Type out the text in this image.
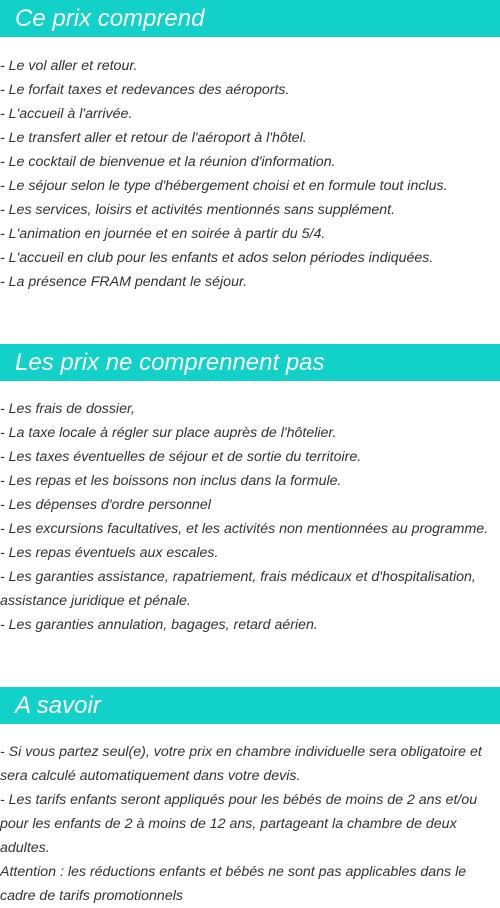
Ce prix comprend
- Le vol aller et retour.
- Le forfait taxes et redevances des aéroports.
- L'accueil à l'arrivée.
- Le transfert aller et retour de l'aéroport à l'hôtel.
- Le cocktail de bienvenue et la réunion d'information.
- Le séjour selon le type d'hébergement choisi et en formule tout inclus.
- Les services, loisirs et activités mentionnés sans supplément.
- L'animation en journée et en soirée à partir du 5/4.
- L'accueil en club pour les enfants et ados selon périodes indiquées.
- La présence FRAM pendant le séjour.
Les prix ne comprennent pas
- Les frais de dossier,
- La taxe locale à régler sur place auprès de l'hôtelier.
- Les taxes éventuelles de séjour et de sortie du territoire.
- Les repas et les boissons non inclus dans la formule.
- Les dépenses d'ordre personnel
- Les excursions facultatives, et les activités non mentionnées au programme.
- Les repas éventuels aux escales.
- Les garanties assistance, rapatriement, frais médicaux et d'hospitalisation, assistance juridique et pénale.
- Les garanties annulation, bagages, retard aérien.
A savoir
- Si vous partez seul(e), votre prix en chambre individuelle sera obligatoire et sera calculé automatiquement dans votre devis.
- Les tarifs enfants seront appliqués pour les bébés de moins de 2 ans et/ou pour les enfants de 2 à moins de 12 ans, partageant la chambre de deux adultes.
Attention : les réductions enfants et bébés ne sont pas applicables dans le cadre de tarifs promotionnels
